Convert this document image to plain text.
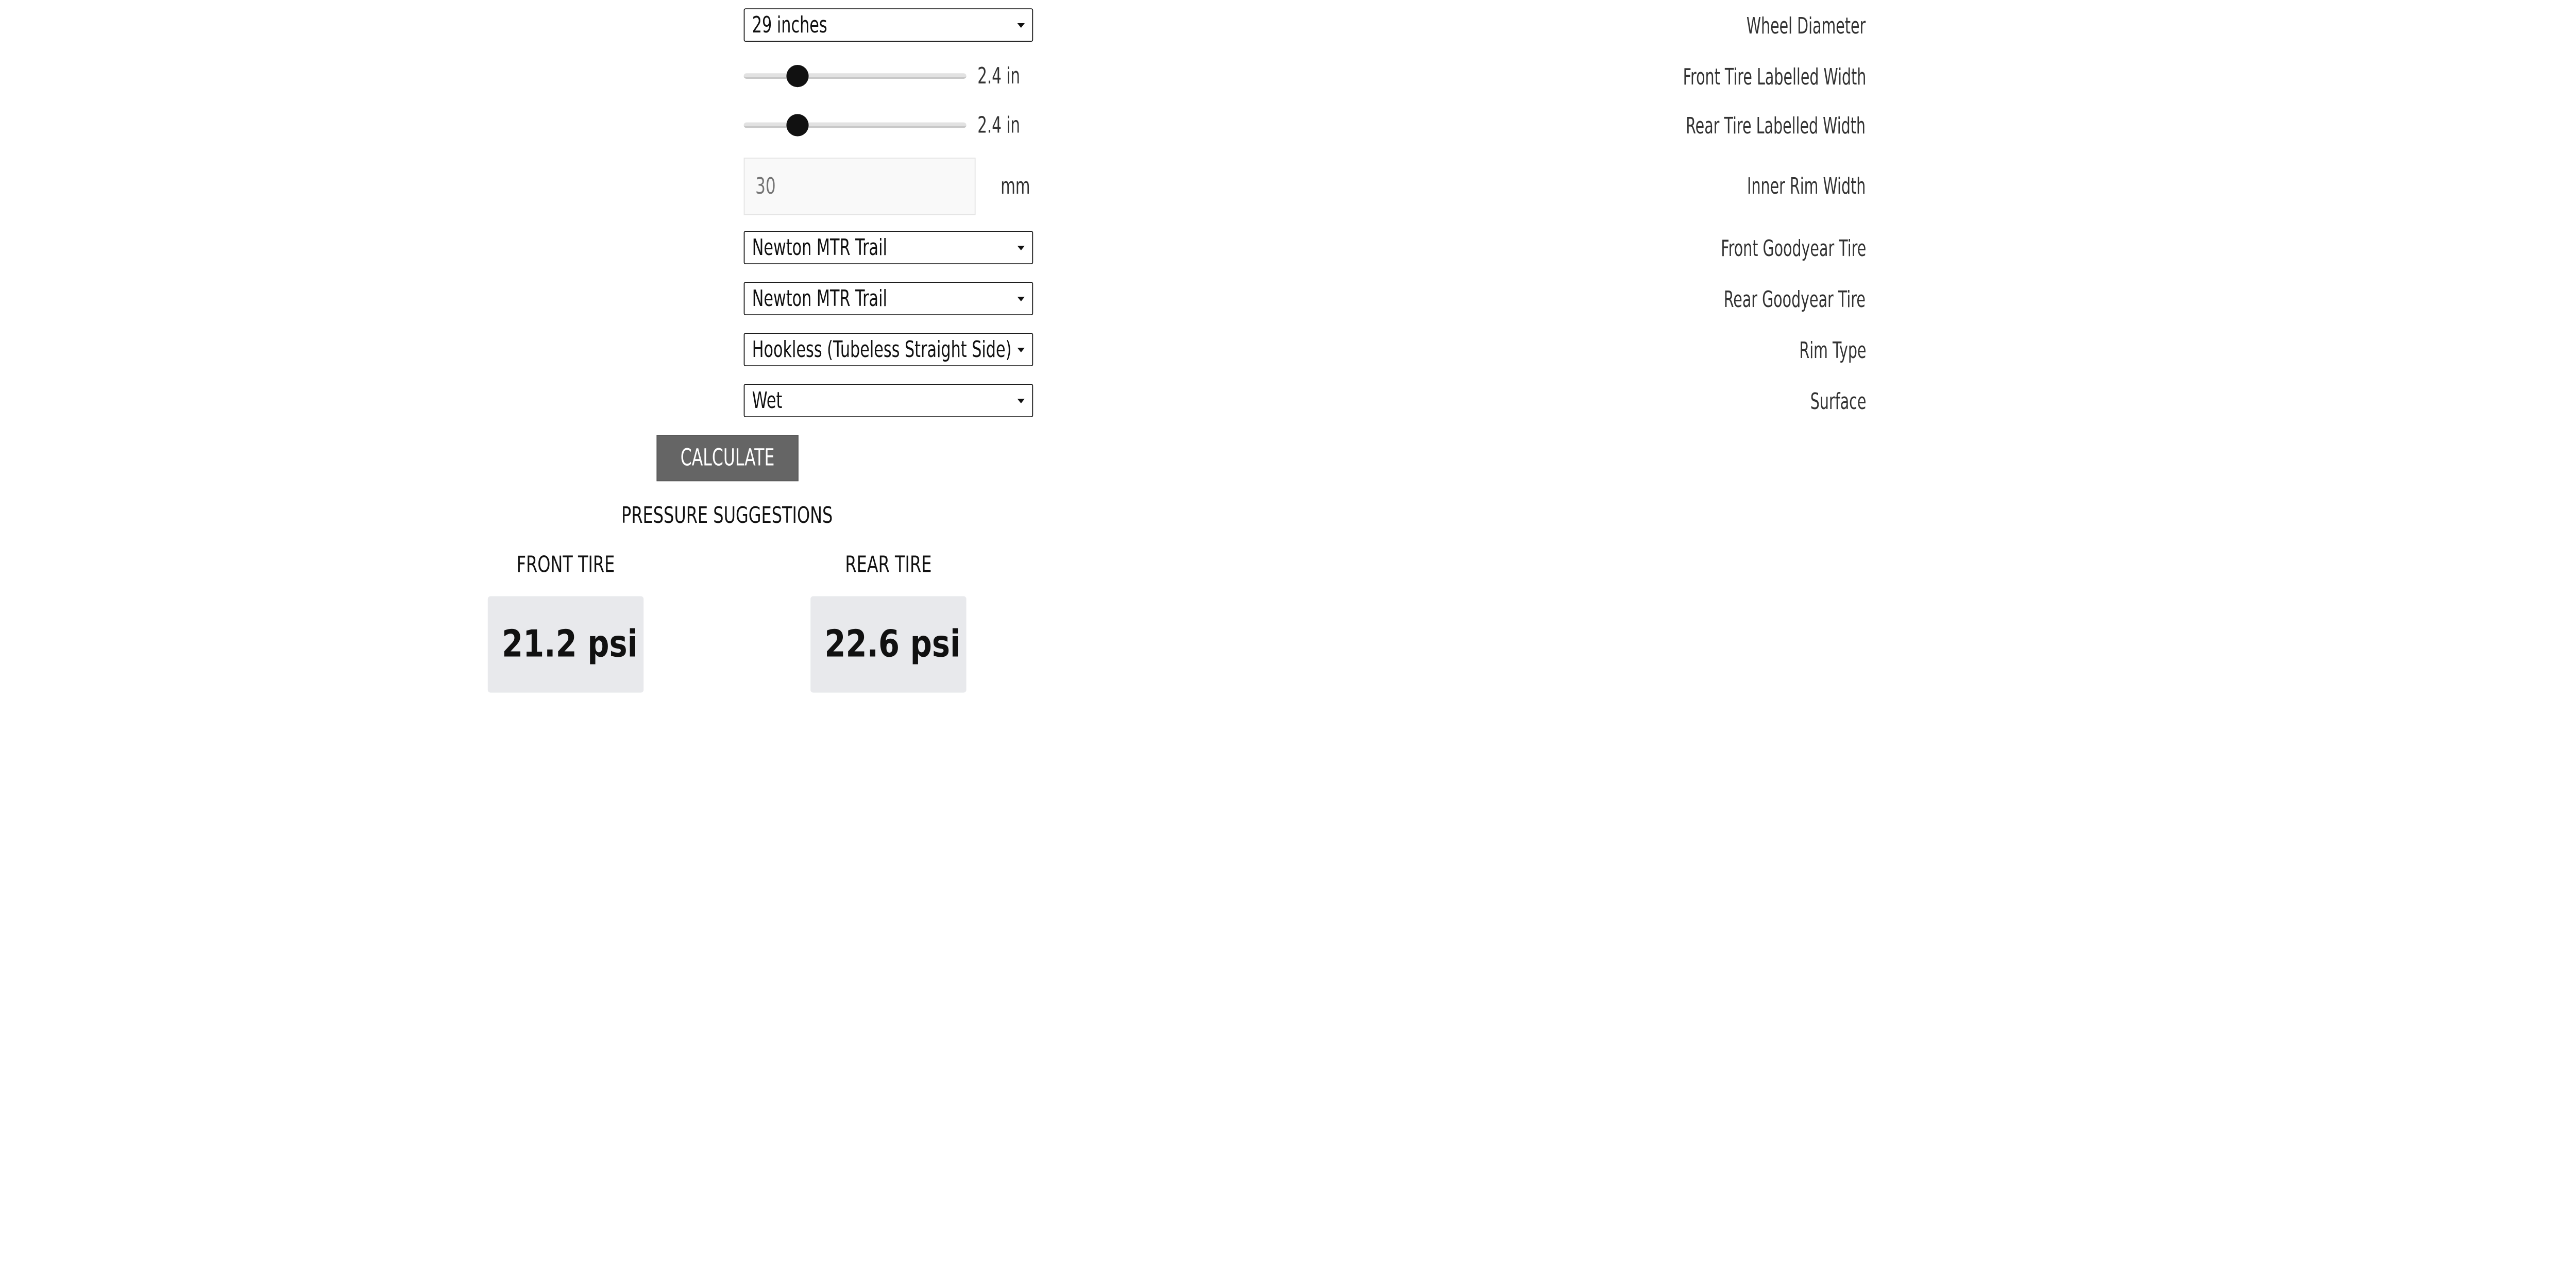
Wheel Diameter
29 inches
Front Tire Labelled Width
2.4 in
Rear Tire Labelled Width
2.4 in
Inner Rim Width
30
mm
Front Goodyear Tire
Newton MTR Trail
Rear Goodyear Tire
Newton MTR Trail
Rim Type
Hookless (Tubeless Straight Side)
Surface
Wet
CALCULATE
PRESSURE SUGGESTIONS
FRONT TIRE	REAR TIRE
21.2 psi	22.6 psi
